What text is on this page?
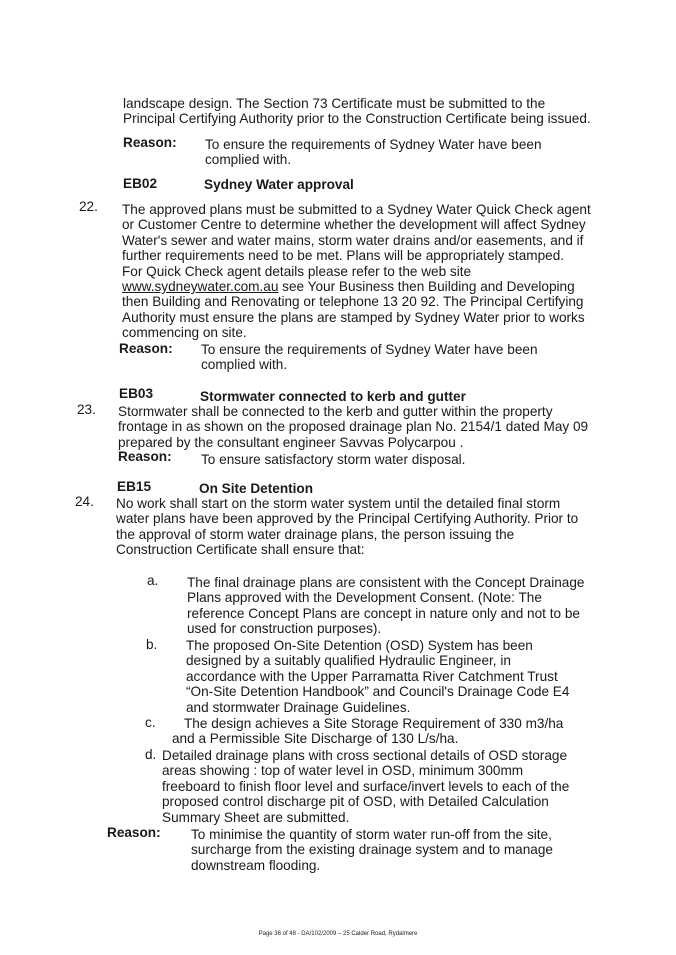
landscape design. The Section 73 Certificate must be submitted to the
Principal Certifying Authority prior to the Construction Certificate being issued.
Reason: To ensure the requirements of Sydney Water have been
complied with.
EB02	Sydney Water approval
22. The approved plans must be submitted to a Sydney Water Quick Check agent
or Customer Centre to determine whether the development will affect Sydney
Water's sewer and water mains, storm water drains and/or easements, and if
further requirements need to be met. Plans will be appropriately stamped.
For Quick Check agent details please refer to the web site
www.sydneywater.com.au see Your Business then Building and Developing
then Building and Renovating or telephone 13 20 92. The Principal Certifying
Authority must ensure the plans are stamped by Sydney Water prior to works
commencing on site.
Reason: To ensure the requirements of Sydney Water have been
complied with.
EB03	Stormwater connected to kerb and gutter
23. Stormwater shall be connected to the kerb and gutter within the property
frontage in as shown on the proposed drainage plan No. 2154/1 dated May 09
prepared by the consultant engineer Savvas Polycarpou .
Reason: To ensure satisfactory storm water disposal.
EB15	On Site Detention
24. No work shall start on the storm water system until the detailed final storm
water plans have been approved by the Principal Certifying Authority. Prior to
the approval of storm water drainage plans, the person issuing the
Construction Certificate shall ensure that:
a. The final drainage plans are consistent with the Concept Drainage
Plans approved with the Development Consent. (Note: The
reference Concept Plans are concept in nature only and not to be
used for construction purposes).
b. The proposed On-Site Detention (OSD) System has been
designed by a suitably qualified Hydraulic Engineer, in
accordance with the Upper Parramatta River Catchment Trust
“On-Site Detention Handbook” and Council's Drainage Code E4
and stormwater Drainage Guidelines.
c.	The design achieves a Site Storage Requirement of 330 m3/ha
and a Permissible Site Discharge of 130 L/s/ha.
d. Detailed drainage plans with cross sectional details of OSD storage
areas showing : top of water level in OSD, minimum 300mm
freeboard to finish floor level and surface/invert levels to each of the
proposed control discharge pit of OSD, with Detailed Calculation
Summary Sheet are submitted.
Reason: To minimise the quantity of storm water run-off from the site,
surcharge from the existing drainage system and to manage
downstream flooding.
Page 36 of 48 - DA/102/2009 – 25 Calder Road, Rydalmere
